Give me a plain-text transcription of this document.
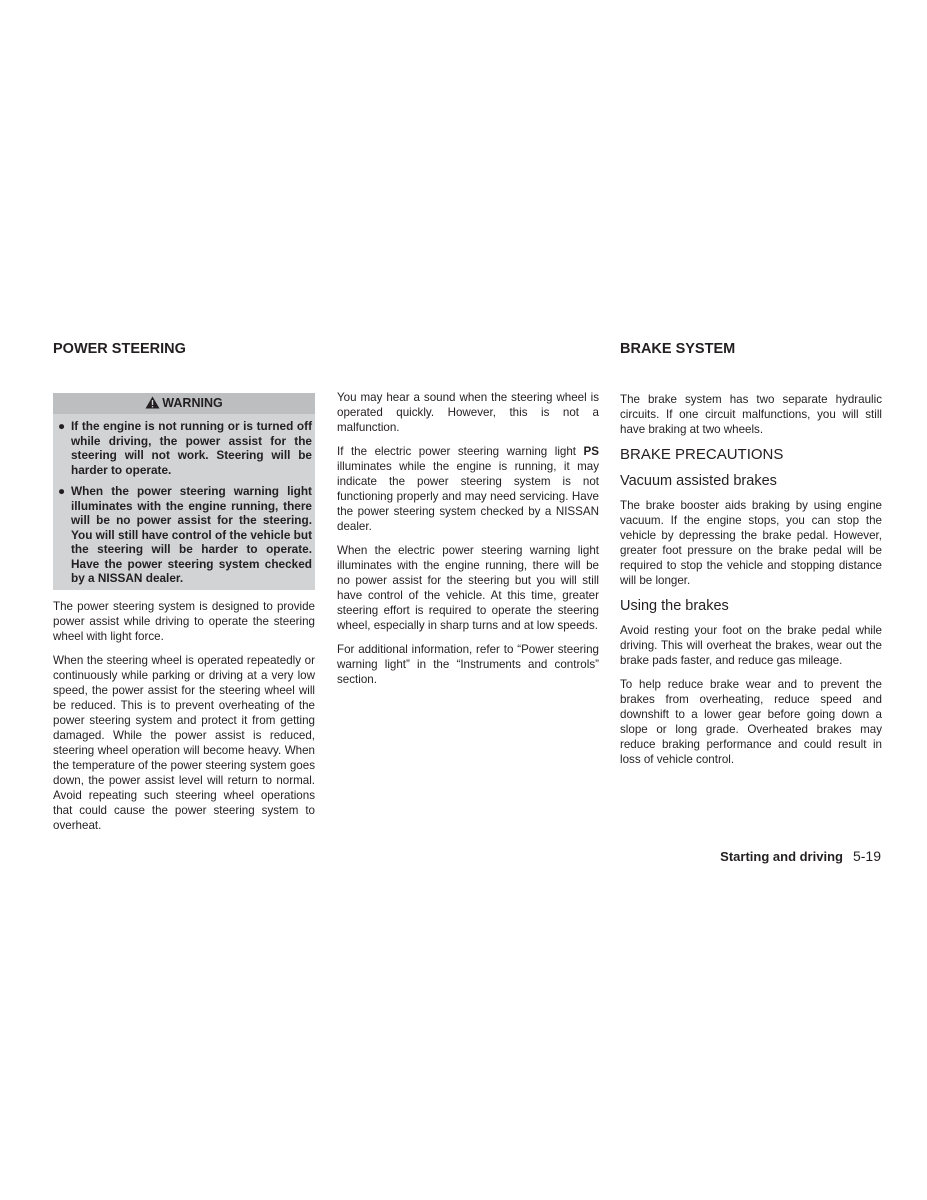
POWER STEERING
WARNING
● If the engine is not running or is turned off while driving, the power assist for the steering will not work. Steering will be harder to operate.
● When the power steering warning light illuminates with the engine running, there will be no power assist for the steering. You will still have control of the vehicle but the steering will be harder to operate. Have the power steering system checked by a NISSAN dealer.

The power steering system is designed to provide power assist while driving to operate the steering wheel with light force.

When the steering wheel is operated repeatedly or continuously while parking or driving at a very low speed, the power assist for the steering wheel will be reduced. This is to prevent overheating of the power steering system and protect it from getting damaged. While the power assist is reduced, steering wheel operation will become heavy. When the temperature of the power steering system goes down, the power assist level will return to normal. Avoid repeating such steering wheel operations that could cause the power steering system to overheat.

You may hear a sound when the steering wheel is operated quickly. However, this is not a malfunction.

If the electric power steering warning light PS illuminates while the engine is running, it may indicate the power steering system is not functioning properly and may need servicing. Have the power steering system checked by a NISSAN dealer.

When the electric power steering warning light illuminates with the engine running, there will be no power assist for the steering but you will still have control of the vehicle. At this time, greater steering effort is required to operate the steering wheel, especially in sharp turns and at low speeds.

For additional information, refer to “Power steering warning light” in the “Instruments and controls” section.

BRAKE SYSTEM

The brake system has two separate hydraulic circuits. If one circuit malfunctions, you will still have braking at two wheels.

BRAKE PRECAUTIONS
Vacuum assisted brakes

The brake booster aids braking by using engine vacuum. If the engine stops, you can stop the vehicle by depressing the brake pedal. However, greater foot pressure on the brake pedal will be required to stop the vehicle and stopping distance will be longer.

Using the brakes

Avoid resting your foot on the brake pedal while driving. This will overheat the brakes, wear out the brake pads faster, and reduce gas mileage.

To help reduce brake wear and to prevent the brakes from overheating, reduce speed and downshift to a lower gear before going down a slope or long grade. Overheated brakes may reduce braking performance and could result in loss of vehicle control.

Starting and driving 5-19
